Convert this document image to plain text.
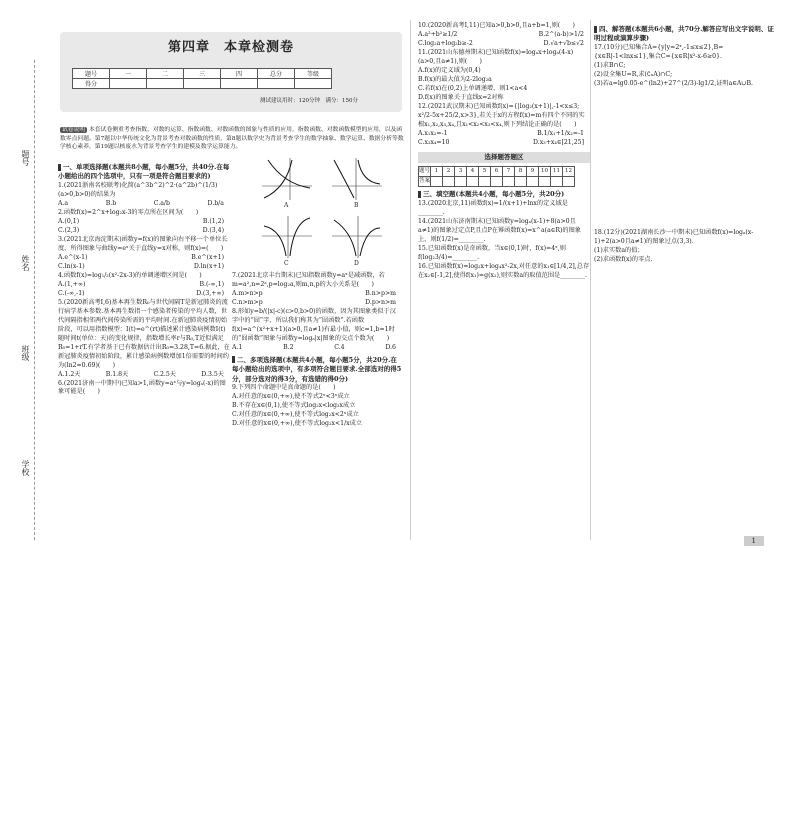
题号
姓名
班级
学校
第四章　本章检测卷
题号	一	二	三	四	总分	等级
得分						
测试建议用时：120分钟　满分：150分
试卷说明 本套试卷侧重考查指数、对数的运算、指数函数、对数函数的图象与性质的应用，指数函数、对数函数模型的应用，以及函数零点问题。第7题以中华传统文化为背景考查对数函数的性质，第8题以数学史为背景考查学生的数学抽象、数学运算、数据分析等数学核心素养，第19题以核废水为背景考查学生的建模及数学运算能力。
一、单项选择题(本题共8小题，每小题5分，共40分.在每小题给出的四个选项中，只有一项是符合题目要求的)

1.(2021浙南名校联考)化简(a^3b^2)^2·(a^2b)^(1/3)(a>0,b>0)的结果为

A.a	B.b	C.a/b	D.b/a

2.函数f(x)=2^x+log₂x-3的零点所在区间为(　　)

A.(0,1)	B.(1,2)
C.(2,3)	D.(3,4)

3.(2021北京海淀期末)函数y=f(x)的图象向右平移一个单位长度，所得图象与曲线y=eˣ关于直线y=x对称，则f(x)=(　　)

A.e^(x-1)	B.e^(x+1)
C.ln(x-1)	D.ln(x+1)

4.函数f(x)=log₁/₂(x²-2x-3)的单调递增区间是(　　)

A.(1,+∞)	B.(-∞,1)
C.(-∞,-1)	D.(3,+∞)

5.(2020新高考Ⅰ,6)基本再生数R₀与世代间隔T是新冠肺炎的流行病学基本参数.基本再生数指一个感染者传染的平均人数，世代间隔指相邻两代间传染所需的平均时间.在新冠肺炎疫情初始阶段，可以用指数模型：I(t)=e^(rt)描述累计感染病例数I(t)随时间t(单位：天)的变化规律，指数增长率r与R₀,T近似满足R₀=1+rT.有学者基于已有数据估计出R₀=3.28,T=6.据此，在新冠肺炎疫情初始阶段，累计感染病例数增加1倍需要的时间约为(ln2≈0.69)(　　)

A.1.2天	B.1.8天	C.2.5天	D.3.5天

6.(2021济南一中期中)已知a>1,函数y=aˣ与y=logₐ(-x)的图象可能是(　　)

A	B
C	D

7.(2021北京丰台期末)已知指数函数y=aˣ是减函数，若m=a²,n=2ᵃ,p=log₂a,则m,n,p的大小关系是(　　)

A.m>n>p	B.n>p>m
C.n>m>p	D.p>n>m

8.形如y=b/(|x|-c)(c>0,b>0)的函数，因为其图象类似于汉字中的“囧”字，所以我们称其为“囧函数”.若函数f(x)=a^(x²+x+1)(a>0,且a≠1)有最小值，则c=1,b=1时的“囧函数”图象与函数y=logₐ|x|图象的交点个数为(　　)

A.1	B.2	C.4	D.6
二、多项选择题(本题共4小题，每小题5分，共20分.在每小题给出的选项中，有多项符合题目要求.全部选对的得5分，部分选对的得3分，有选错的得0分)

9.下列四个命题中是真命题的是(　　)

A.对任意的x∈(0,+∞),使不等式2ˣ<3ˣ成立

B.不存在x∈(0,1),使不等式log₂x<log₃x成立

C.对任意的x∈(0,+∞),使不等式log₂x<2ˣ成立

D.对任意的x∈(0,+∞),使不等式log₂x<1/x成立

10.(2020新高考Ⅰ,11)已知a>0,b>0,且a+b=1,则(　　)

A.a²+b²≥1/2	B.2^(a-b)>1/2
C.log₂a+log₂b≥-2	D.√a+√b≤√2

11.(2021山东德州期末)已知函数f(x)=logₐx+logₐ(4-x)(a>0,且a≠1),则(　　)

A.f(x)的定义域为(0,4)

B.f(x)的最大值为2-2log₂a

C.若f(x)在(0,2)上单调递增，则1<a<4

D.f(x)的图象关于直线x=2对称

12.(2021武汉期末)已知函数f(x)={|log₂(x+1)|,-1<x≤3; x²/2-5x+25/2,x>3},若关于x的方程f(x)=m有四个不同的实根x₁,x₂,x₃,x₄,且x₁<x₂<x₃<x₄,则下列结论正确的是(　　)

A.x₁x₂=-1	B.1/x₁+1/x₂=-1
C.x₃x₄=10	D.x₃+x₄∈[21,25]
选择题答题区
题号	1	2	3	4	5	6	7	8	9	10	11	12
答案												
三、填空题(本题共4小题，每小题5分，共20分)

13.(2020北京,11)函数f(x)=1/(x+1)+lnx的定义域是________.

14.(2021山东济南期末)已知函数y=logₐ(x-1)+8(a>0且a≠1)的图象过定点P,且点P在幂函数f(x)=x^a(a∈R)的图象上，则f(1/2)=________.

15.已知函数f(x)是奇函数，当x∈(0,1)时，f(x)=4ˣ,则f(log₂3/4)=________.

16.已知函数f(x)=log₂x+log₄x²-2x,对任意的x₁∈[1/4,2],总存在x₂∈[-1,2],使得f(x₁)=g(x₂),则实数a的取值范围是________.

四、解答题(本题共6小题，共70分.解答应写出文字说明、证明过程或演算步骤)

17.(10分)已知集合A={y|y=2ˣ,-1≤x≤2},B={x∈R|-1<lnx≤1},集合C={x∈R|x²-x-6≥0}.

(1)求B∩C;

(2)设全集U=R,求(∁ᵤA)∩C;

(3)若a=lg0.05-e^(ln2)+27^(2/3)-lg1/2,证明a∈A∪B.

18.(12分)(2021湖南长沙一中期末)已知函数f(x)=logₐ(x-1)+2(a>0且a≠1)的图象过点(3,3).

(1)求实数a的值；

(2)求函数f(x)的零点.

1
